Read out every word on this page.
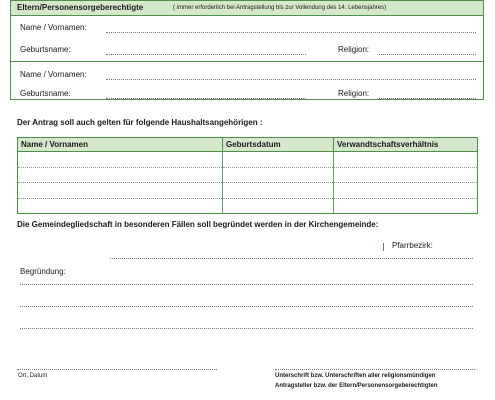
Eltern/Personensorgeberechtigte	( immer erforderlich bei Antragstellung bis zur Vollendung des 14. Lebensjahres)
Name / Vornamen:
Geburtsname:	Religion:
Name / Vornamen:
Geburtsname:	Religion:
Der Antrag soll auch gelten für folgende Haushaltsangehörigen :
Name / Vornamen	Geburtsdatum	Verwandtschaftsverhältnis

Die Gemeindegliedschaft in besonderen Fällen soll begründet werden in der Kirchengemeinde:
Pfarrbezirk:
Begründung:
Ort, Datum	Unterschrift bzw. Unterschriften aller religionsmündigen
Antragsteller bzw. der Eltern/Personensorgeberechtigten
